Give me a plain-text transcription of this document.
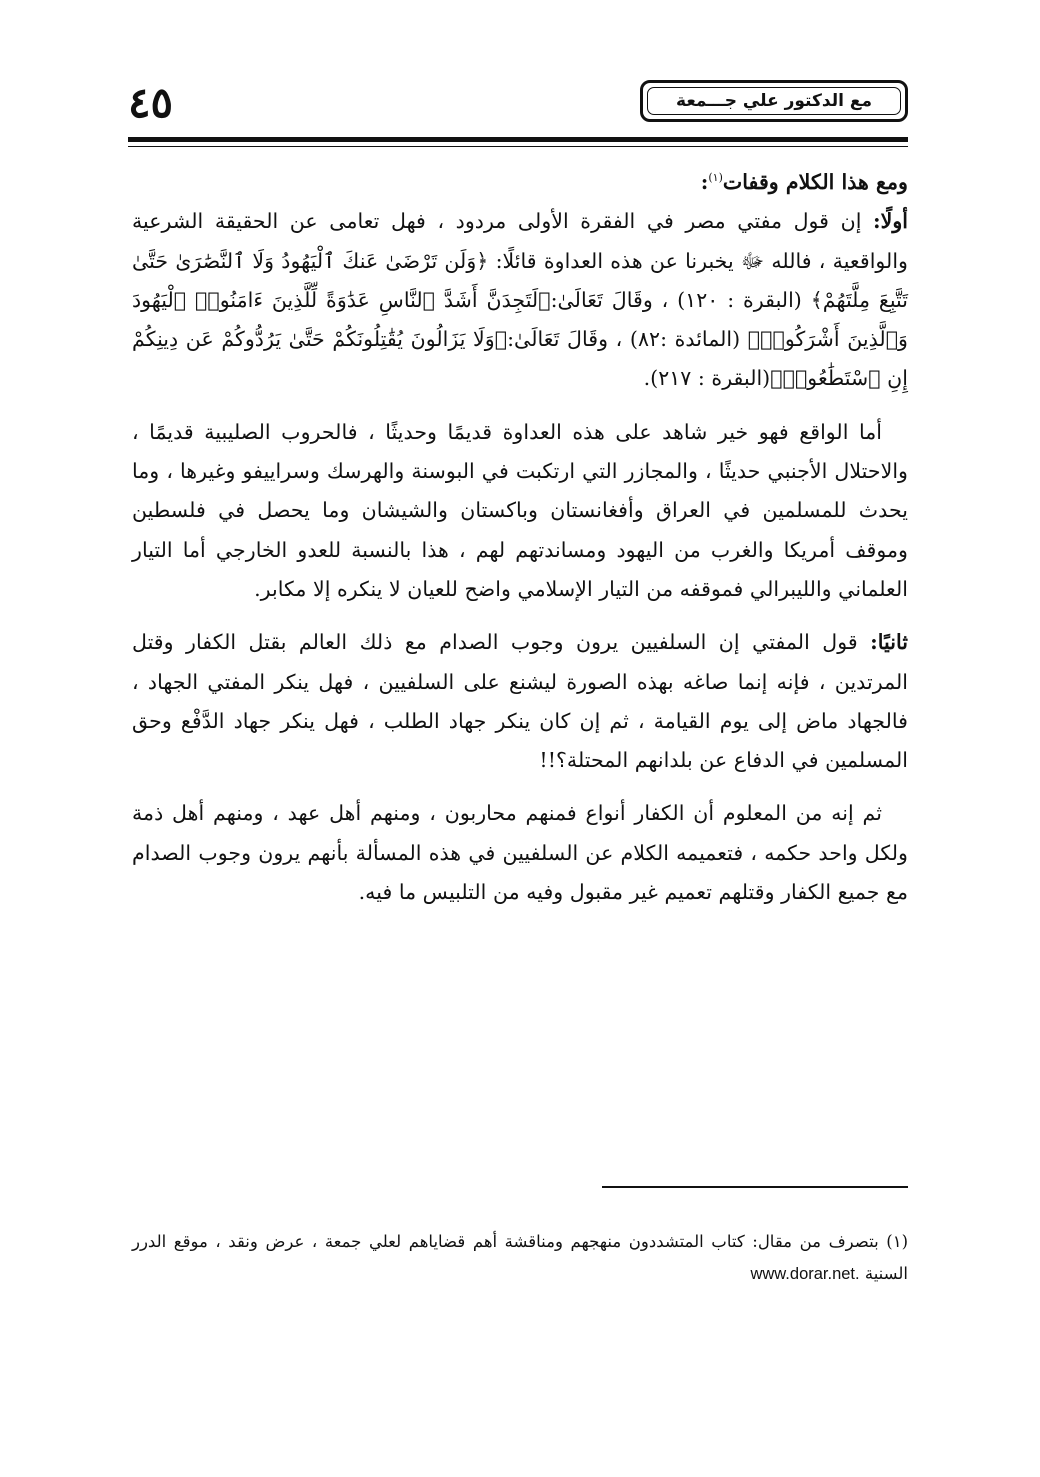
٤٥	مع الدكتور علي جـــمعة

ومع هذا الكلام وقفات$^{(١)}$:

أولًا: إن قول مفتي مصر في الفقرة الأولى مردود ، فهل تعامى عن الحقيقة الشرعية والواقعية ، فالله ﷻ يخبرنا عن هذه العداوة قائلًا: ﴿وَلَن تَرْضَىٰ عَنكَ ٱلْيَهُودُ وَلَا ٱلنَّصَٰرَىٰ حَتَّىٰ تَتَّبِعَ مِلَّتَهُمْ﴾ (البقرة : ١٢٠) ، وقَالَ تَعَالَىٰ:﴿لَتَجِدَنَّ أَشَدَّ ٱلنَّاسِ عَدَٰوَةً لِّلَّذِينَ ءَامَنُوا۟ ٱلْيَهُودَ وَٱلَّذِينَ أَشْرَكُوا۟﴾ (المائدة :٨٢) ، وقَالَ تَعَالَىٰ:﴿وَلَا يَزَالُونَ يُقَٰتِلُونَكُمْ حَتَّىٰ يَرُدُّوكُمْ عَن دِينِكُمْ إِنِ ٱسْتَطَٰعُوا۟﴾(البقرة : ٢١٧).

أما الواقع فهو خير شاهد على هذه العداوة قديمًا وحديثًا ، فالحروب الصليبية قديمًا ، والاحتلال الأجنبي حديثًا ، والمجازر التي ارتكبت في البوسنة والهرسك وسراييفو وغيرها ، وما يحدث للمسلمين في العراق وأفغانستان وباكستان والشيشان وما يحصل في فلسطين وموقف أمريكا والغرب من اليهود ومساندتهم لهم ، هذا بالنسبة للعدو الخارجي أما التيار العلماني والليبرالي فموقفه من التيار الإسلامي واضح للعيان لا ينكره إلا مكابر.

ثانيًا: قول المفتي إن السلفيين يرون وجوب الصدام مع ذلك العالم بقتل الكفار وقتل المرتدين ، فإنه إنما صاغه بهذه الصورة ليشنع على السلفيين ، فهل ينكر المفتي الجهاد ، فالجهاد ماض إلى يوم القيامة ، ثم إن كان ينكر جهاد الطلب ، فهل ينكر جهاد الدَّفْع وحق المسلمين في الدفاع عن بلدانهم المحتلة؟!!

ثم إنه من المعلوم أن الكفار أنواع فمنهم محاربون ، ومنهم أهل عهد ، ومنهم أهل ذمة ولكل واحد حكمه ، فتعميمه الكلام عن السلفيين في هذه المسألة بأنهم يرون وجوب الصدام مع جميع الكفار وقتلهم تعميم غير مقبول وفيه من التلبيس ما فيه.

(١) بتصرف من مقال: كتاب المتشددون منهجهم ومناقشة أهم قضاياهم لعلي جمعة ، عرض ونقد ، موقع الدرر السنية www.dorar.net.
